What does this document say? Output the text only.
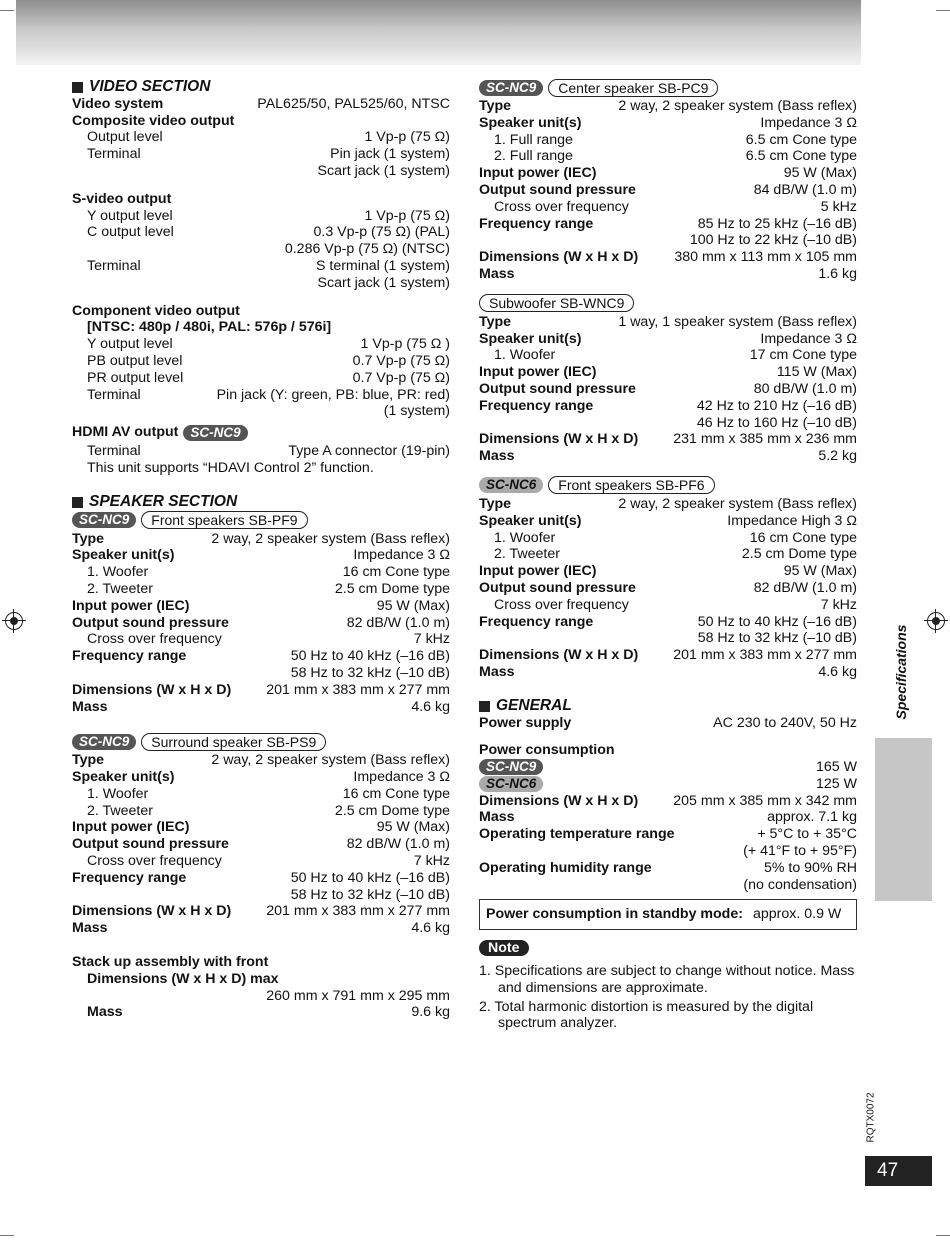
VIDEO SECTION
Video system	PAL625/50, PAL525/60, NTSC
Composite video output
Output level	1 Vp-p (75 Ω)
Terminal	Pin jack (1 system)
Scart jack (1 system)
S-video output
Y output level	1 Vp-p (75 Ω)
C output level	0.3 Vp-p (75 Ω) (PAL)
0.286 Vp-p (75 Ω) (NTSC)
Terminal	S terminal (1 system)
Scart jack (1 system)
Component video output
[NTSC: 480p / 480i, PAL: 576p / 576i]
Y output level	1 Vp-p (75 Ω )
PB output level	0.7 Vp-p (75 Ω)
PR output level	0.7 Vp-p (75 Ω)
Terminal	Pin jack (Y: green, PB: blue, PR: red)
(1 system)
HDMI AV output SC-NC9
Terminal	Type A connector (19-pin)
This unit supports “HDAVI Control 2” function.
SPEAKER SECTION
SC-NC9	Front speakers SB-PF9
Type	2 way, 2 speaker system (Bass reflex)
Speaker unit(s)	Impedance 3 Ω
1. Woofer	16 cm Cone type
2. Tweeter	2.5 cm Dome type
Input power (IEC)	95 W (Max)
Output sound pressure	82 dB/W (1.0 m)
Cross over frequency	7 kHz
Frequency range	50 Hz to 40 kHz (–16 dB)
58 Hz to 32 kHz (–10 dB)
Dimensions (W x H x D) 201 mm x 383 mm x 277 mm
Mass	4.6 kg
SC-NC9	Surround speaker SB-PS9
Type	2 way, 2 speaker system (Bass reflex)
Speaker unit(s)	Impedance 3 Ω
1. Woofer	16 cm Cone type
2. Tweeter	2.5 cm Dome type
Input power (IEC)	95 W (Max)
Output sound pressure	82 dB/W (1.0 m)
Cross over frequency	7 kHz
Frequency range	50 Hz to 40 kHz (–16 dB)
58 Hz to 32 kHz (–10 dB)
Dimensions (W x H x D) 201 mm x 383 mm x 277 mm
Mass	4.6 kg
Stack up assembly with front
Dimensions (W x H x D) max
260 mm x 791 mm x 295 mm
Mass	9.6 kg
SC-NC9	Center speaker SB-PC9
Type	2 way, 2 speaker system (Bass reflex)
Speaker unit(s)	Impedance 3 Ω
1. Full range	6.5 cm Cone type
2. Full range	6.5 cm Cone type
Input power (IEC)	95 W (Max)
Output sound pressure	84 dB/W (1.0 m)
Cross over frequency	5 kHz
Frequency range	85 Hz to 25 kHz (–16 dB)
100 Hz to 22 kHz (–10 dB)
Dimensions (W x H x D)	380 mm x 113 mm x 105 mm
Mass	1.6 kg
Subwoofer SB-WNC9
Type	1 way, 1 speaker system (Bass reflex)
Speaker unit(s)	Impedance 3 Ω
1. Woofer	17 cm Cone type
Input power (IEC)	115 W (Max)
Output sound pressure	80 dB/W (1.0 m)
Frequency range	42 Hz to 210 Hz (–16 dB)
46 Hz to 160 Hz (–10 dB)
Dimensions (W x H x D) 231 mm x 385 mm x 236 mm
Mass	5.2 kg
SC-NC6	Front speakers SB-PF6
Type	2 way, 2 speaker system (Bass reflex)
Speaker unit(s)	Impedance High 3 Ω
1. Woofer	16 cm Cone type
2. Tweeter	2.5 cm Dome type
Input power (IEC)	95 W (Max)
Output sound pressure	82 dB/W (1.0 m)
Cross over frequency	7 kHz
Frequency range	50 Hz to 40 kHz (–16 dB)
58 Hz to 32 kHz (–10 dB)
Dimensions (W x H x D) 201 mm x 383 mm x 277 mm
Mass	4.6 kg
GENERAL
Power supply	AC 230 to 240V, 50 Hz
Power consumption
SC-NC9	165 W
SC-NC6	125 W
Dimensions (W x H x D) 205 mm x 385 mm x 342 mm
Mass	approx. 7.1 kg
Operating temperature range	+ 5°C to + 35°C
(+ 41°F to + 95°F)
Operating humidity range	5% to 90% RH
(no condensation)
Power consumption in standby mode: approx. 0.9 W
Note
1. Specifications are subject to change without notice. Mass and dimensions are approximate.
2. Total harmonic distortion is measured by the digital spectrum analyzer.
Specifications
RQTX0072
47
